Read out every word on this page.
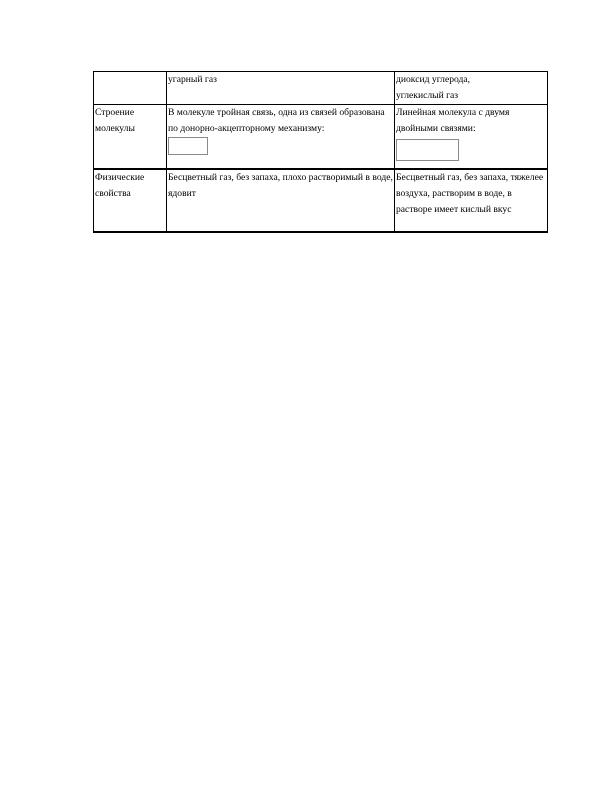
	угарный газ	диоксид углерода,
углекислый газ

Строение
молекулы	В молекуле тройная связь, одна из связей образована по донорно-акцепторному механизму:	Линейная молекула с двумя двойными связями:

Физические
свойства	Бесцветный газ, без запаха, плохо растворимый в воде, ядовит	Бесцветный газ, без запаха, тяжелее воздуха, растворим в воде, в растворе имеет кислый вкус
